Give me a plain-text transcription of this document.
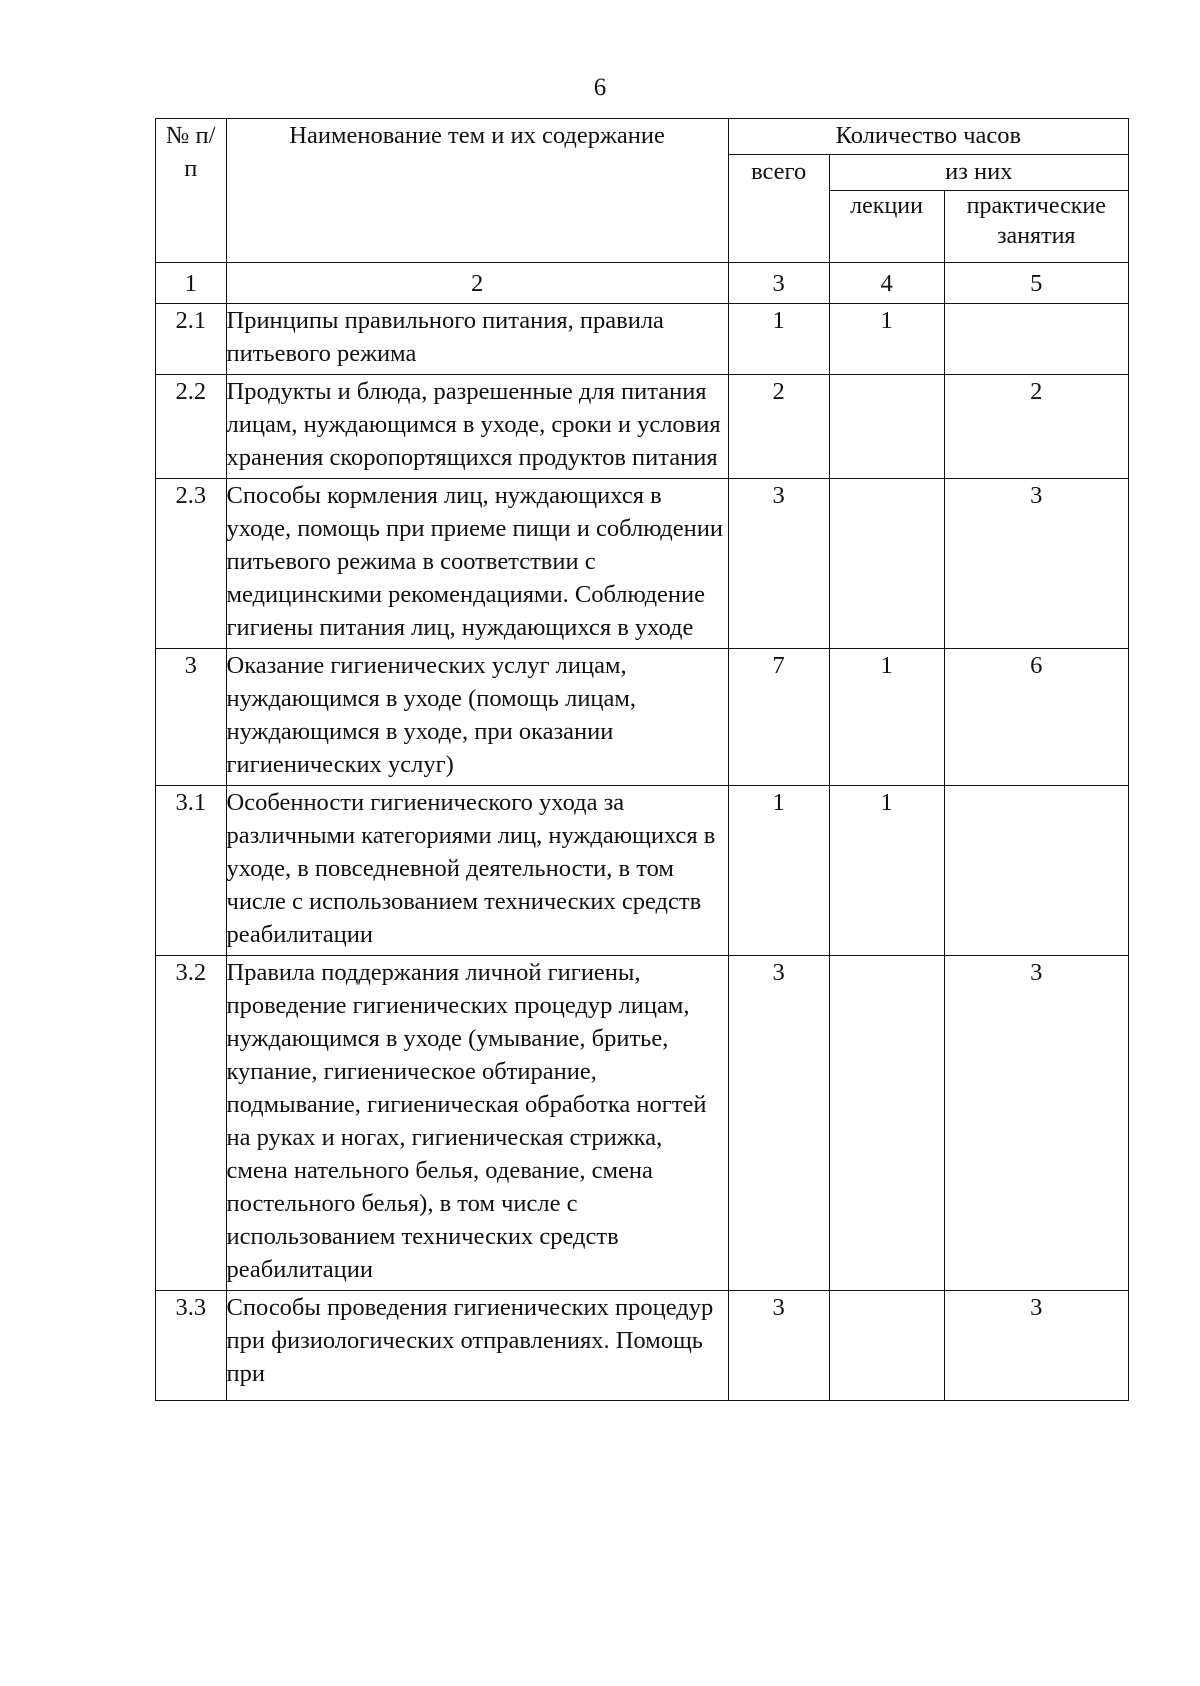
6
№ п/п	Наименование тем и их содержание	Количество часов		
		всего	из них	
			лекции	практические занятия
1	2	3	4	5
2.1	Принципы правильного питания, правила питьевого режима	1	1	
2.2	Продукты и блюда, разрешенные для питания лицам, нуждающимся в уходе, сроки и условия хранения скоропортящихся продуктов питания	2		2
2.3	Способы кормления лиц, нуждающихся в уходе, помощь при приеме пищи и соблюдении питьевого режима в соответствии с медицинскими рекомендациями. Соблюдение гигиены питания лиц, нуждающихся в уходе	3		3
3	Оказание гигиенических услуг лицам, нуждающимся в уходе (помощь лицам, нуждающимся в уходе, при оказании гигиенических услуг)	7	1	6
3.1	Особенности гигиенического ухода за различными категориями лиц, нуждающихся в уходе, в повседневной деятельности, в том числе с использованием технических средств реабилитации	1	1	
3.2	Правила поддержания личной гигиены, проведение гигиенических процедур лицам, нуждающимся в уходе (умывание, бритье, купание, гигиеническое обтирание, подмывание, гигиеническая обработка ногтей на руках и ногах, гигиеническая стрижка, смена нательного белья, одевание, смена постельного белья), в том числе с использованием технических средств реабилитации	3		3
3.3	Способы проведения гигиенических процедур при физиологических отправлениях. Помощь при	3		3
